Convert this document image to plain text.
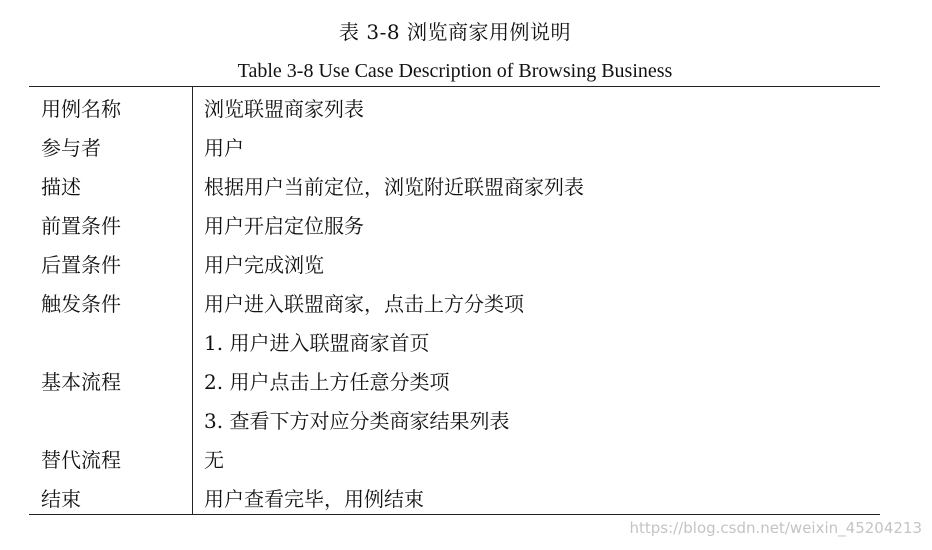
表 3-8 浏览商家用例说明
Table 3-8 Use Case Description of Browsing Business
用例名称	浏览联盟商家列表
参与者	用户
描述	根据用户当前定位，浏览附近联盟商家列表
前置条件	用户开启定位服务
后置条件	用户完成浏览
触发条件	用户进入联盟商家，点击上方分类项
1. 用户进入联盟商家首页
基本流程	2. 用户点击上方任意分类项
3. 查看下方对应分类商家结果列表
替代流程	无
结束	用户查看完毕，用例结束
https://blog.csdn.net/weixin_45204213
